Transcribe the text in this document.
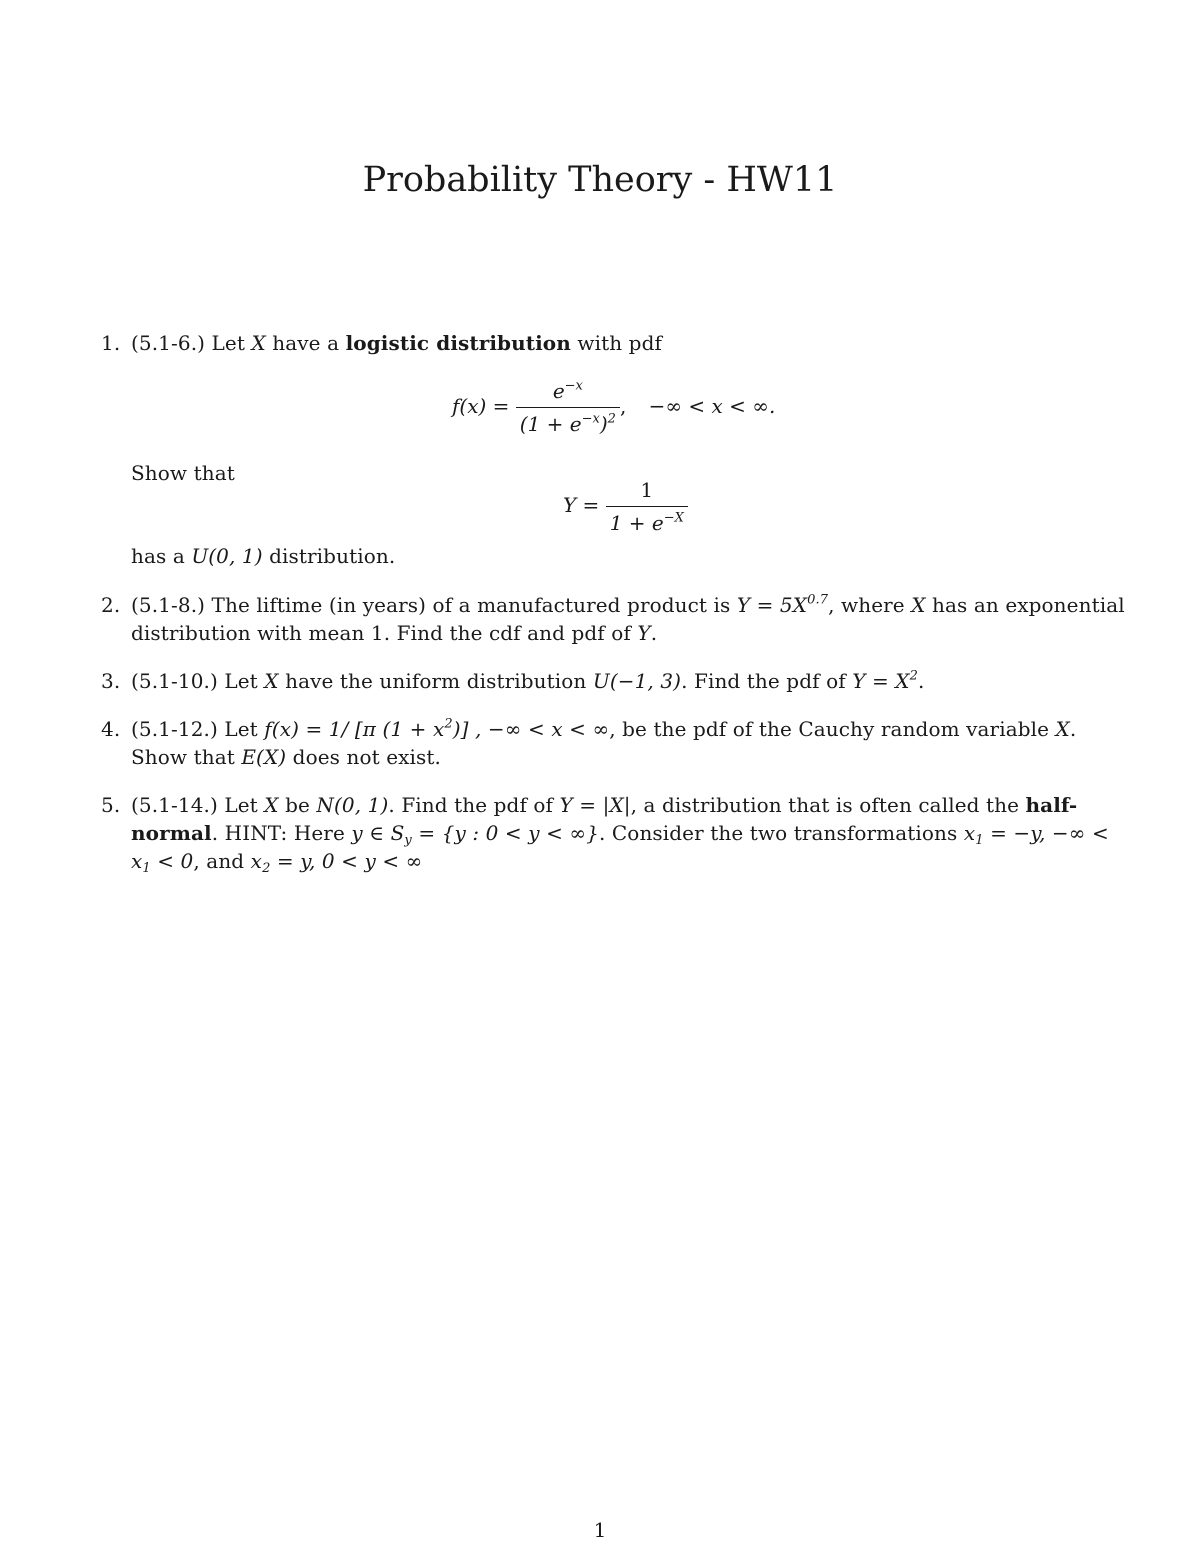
Probability Theory - HW11
1. (5.1-6.) Let X have a logistic distribution with pdf
$f(x) = \frac{e^{-x}}{(1 + e^{-x})^2}$ , −∞ < x < ∞.
Show that
$Y = \frac{1}{1 + e^{-X}}$
has a U(0, 1) distribution.
2. (5.1-8.) The liftime (in years) of a manufactured product is $Y = 5X^{0.7}$, where X has an exponential
distribution with mean 1. Find the cdf and pdf of Y.
3. (5.1-10.) Let X have the uniform distribution U(−1, 3). Find the pdf of $Y = X^2$.
4. (5.1-12.) Let f(x) = 1/ [π $(1 + x^2)$] , −∞ < x < ∞, be the pdf of the Cauchy random variable X.
Show that E(X) does not exist.
5. (5.1-14.) Let X be N(0, 1). Find the pdf of Y = |X|, a distribution that is often called the half-
normal. HINT: Here y ∈ $S_y = \{y$ : 0 < y < ∞}. Consider the two transformations $x_1 = -y$, −∞ <
$x_1 < 0$, and $x_2 = y$, 0 < y < ∞
1
